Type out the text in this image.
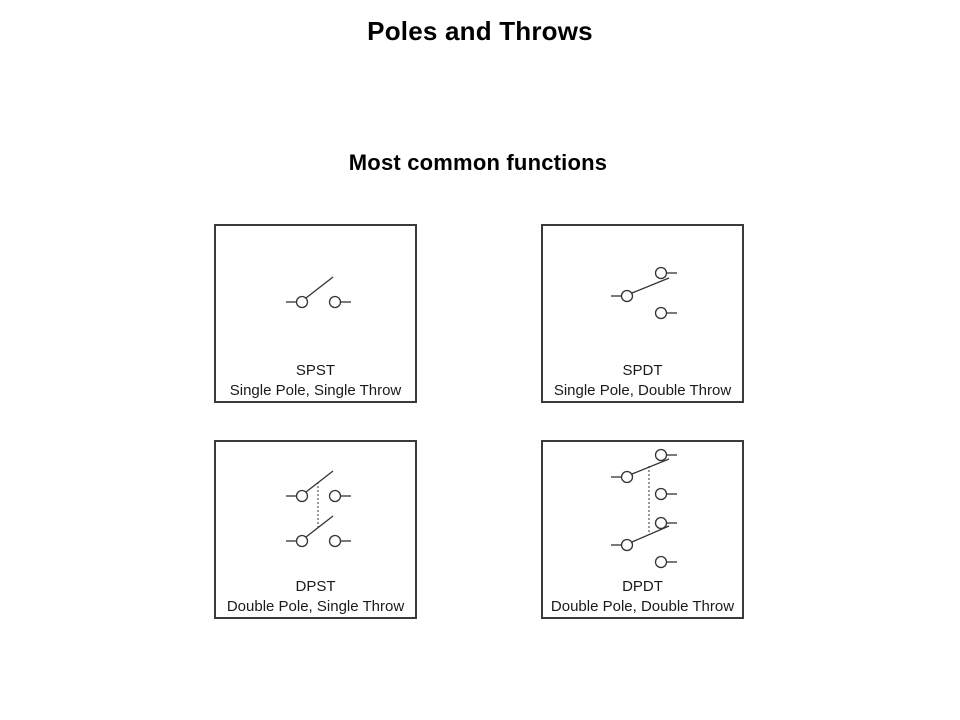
Poles and Throws
Most common functions
SPST
Single Pole, Single Throw
SPDT
Single Pole, Double Throw
DPST
Double Pole, Single Throw
DPDT
Double Pole, Double Throw
